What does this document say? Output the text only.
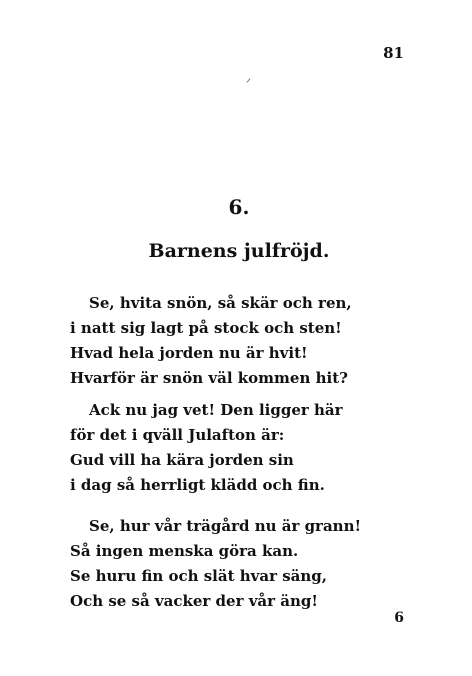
81
6.
Barnens julfröjd.
Se, hvita snön, så skär och ren,
i natt sig lagt på stock och sten!
Hvad hela jorden nu är hvit!
Hvarför är snön väl kommen hit?
Ack nu jag vet! Den ligger här
för det i qväll Julafton är:
Gud vill ha kära jorden sin
i dag så herrligt klädd och fin.
Se, hur vår trägård nu är grann!
Så ingen menska göra kan.
Se huru fin och slät hvar säng,
Och se så vacker der vår äng!
6
